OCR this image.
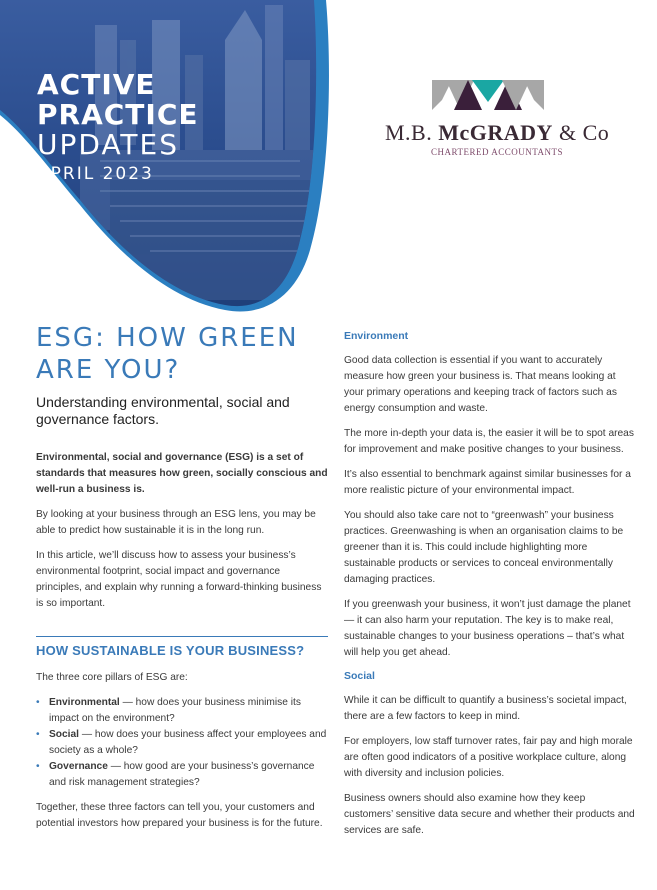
ACTIVE
PRACTICE
UPDATES
APRIL 2023
M.B. McGRADY & Co
CHARTERED ACCOUNTANTS
ESG: HOW GREEN
ARE YOU?
Understanding environmental, social and governance factors.

Environmental, social and governance (ESG) is a set of standards that measures how green, socially conscious and well-run a business is.

By looking at your business through an ESG lens, you may be able to predict how sustainable it is in the long run.

In this article, we’ll discuss how to assess your business’s environmental footprint, social impact and governance principles, and explain why running a forward-thinking business is so important.

HOW SUSTAINABLE IS YOUR BUSINESS?

The three core pillars of ESG are:

• Environmental — how does your business minimise its impact on the environment?
• Social — how does your business affect your employees and society as a whole?
• Governance — how good are your business’s governance and risk management strategies?

Together, these three factors can tell you, your customers and potential investors how prepared your business is for the future.

Environment

Good data collection is essential if you want to accurately measure how green your business is. That means looking at your primary operations and keeping track of factors such as energy consumption and waste.

The more in-depth your data is, the easier it will be to spot areas for improvement and make positive changes to your business.

It’s also essential to benchmark against similar businesses for a more realistic picture of your environmental impact.

You should also take care not to “greenwash” your business practices. Greenwashing is when an organisation claims to be greener than it is. This could include highlighting more sustainable products or services to conceal environmentally damaging practices.

If you greenwash your business, it won’t just damage the planet — it can also harm your reputation. The key is to make real, sustainable changes to your business operations – that’s what will help you get ahead.

Social

While it can be difficult to quantify a business’s societal impact, there are a few factors to keep in mind.

For employers, low staff turnover rates, fair pay and high morale are often good indicators of a positive workplace culture, along with diversity and inclusion policies.

Business owners should also examine how they keep customers’ sensitive data secure and whether their products and services are safe.
